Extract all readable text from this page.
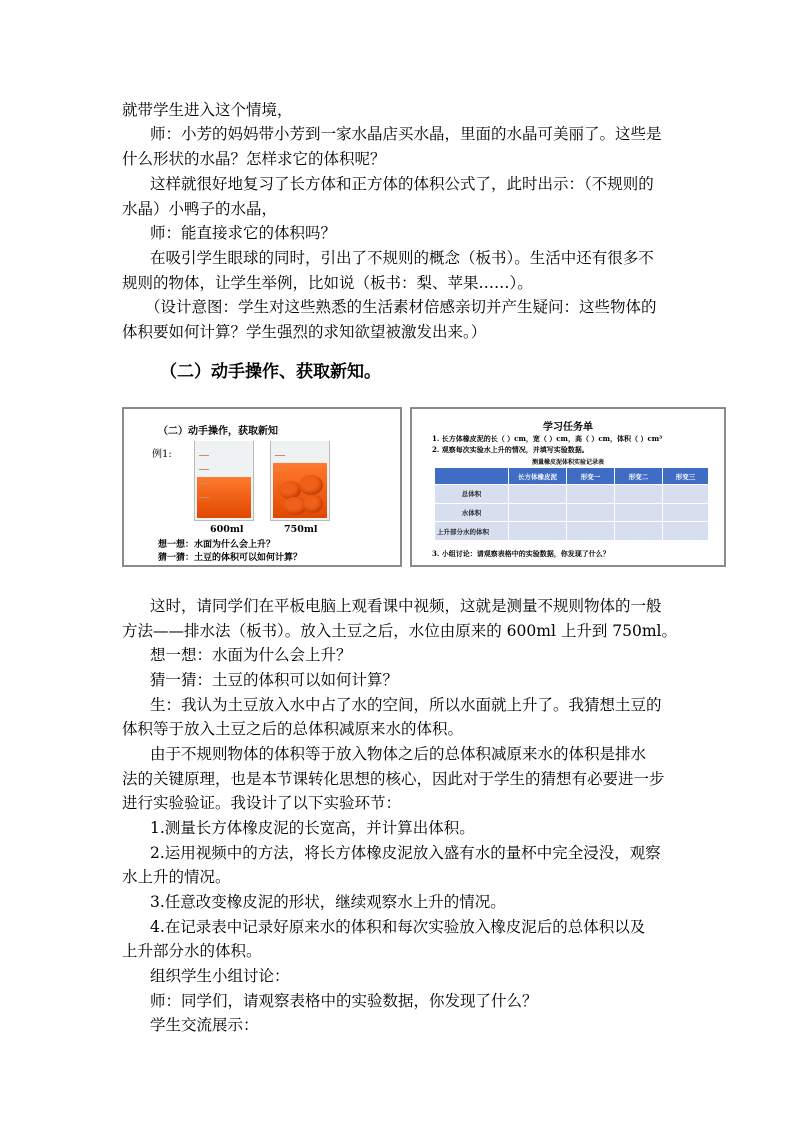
就带学生进入这个情境，
师：小芳的妈妈带小芳到一家水晶店买水晶，里面的水晶可美丽了。这些是
什么形状的水晶？怎样求它的体积呢？
这样就很好地复习了长方体和正方体的体积公式了，此时出示：（不规则的
水晶）小鸭子的水晶，
师：能直接求它的体积吗？
在吸引学生眼球的同时，引出了不规则的概念（板书）。生活中还有很多不
规则的物体，让学生举例，比如说（板书：梨、苹果……）。
（设计意图：学生对这些熟悉的生活素材倍感亲切并产生疑问：这些物体的
体积要如何计算？学生强烈的求知欲望被激发出来。）
（二）动手操作、获取新知。
（二）动手操作，获取新知
例1:
600ml	750ml
想一想：水面为什么会上升？
猜一猜：土豆的体积可以如何计算？
学习任务单
1. 长方体橡皮泥的长（ ）cm，宽（ ）cm，高（ ）cm，体积（ ）cm³
2. 观察每次实验水上升的情况，并填写实验数据。
测量橡皮泥体积实验记录表
	长方体橡皮泥	形变一	形变二	形变三
总体积				
水体积				
上升部分水的体积				
3. 小组讨论：请观察表格中的实验数据，你发现了什么？
这时，请同学们在平板电脑上观看课中视频，这就是测量不规则物体的一般
方法——排水法（板书）。放入土豆之后，水位由原来的 600ml 上升到 750ml。
想一想：水面为什么会上升？
猜一猜：土豆的体积可以如何计算？
生：我认为土豆放入水中占了水的空间，所以水面就上升了。我猜想土豆的
体积等于放入土豆之后的总体积减原来水的体积。
由于不规则物体的体积等于放入物体之后的总体积减原来水的体积是排水
法的关键原理，也是本节课转化思想的核心，因此对于学生的猜想有必要进一步
进行实验验证。我设计了以下实验环节：
1.测量长方体橡皮泥的长宽高，并计算出体积。
2.运用视频中的方法，将长方体橡皮泥放入盛有水的量杯中完全浸没，观察
水上升的情况。
3.任意改变橡皮泥的形状，继续观察水上升的情况。
4.在记录表中记录好原来水的体积和每次实验放入橡皮泥后的总体积以及
上升部分水的体积。
组织学生小组讨论：
师：同学们，请观察表格中的实验数据，你发现了什么？
学生交流展示：
